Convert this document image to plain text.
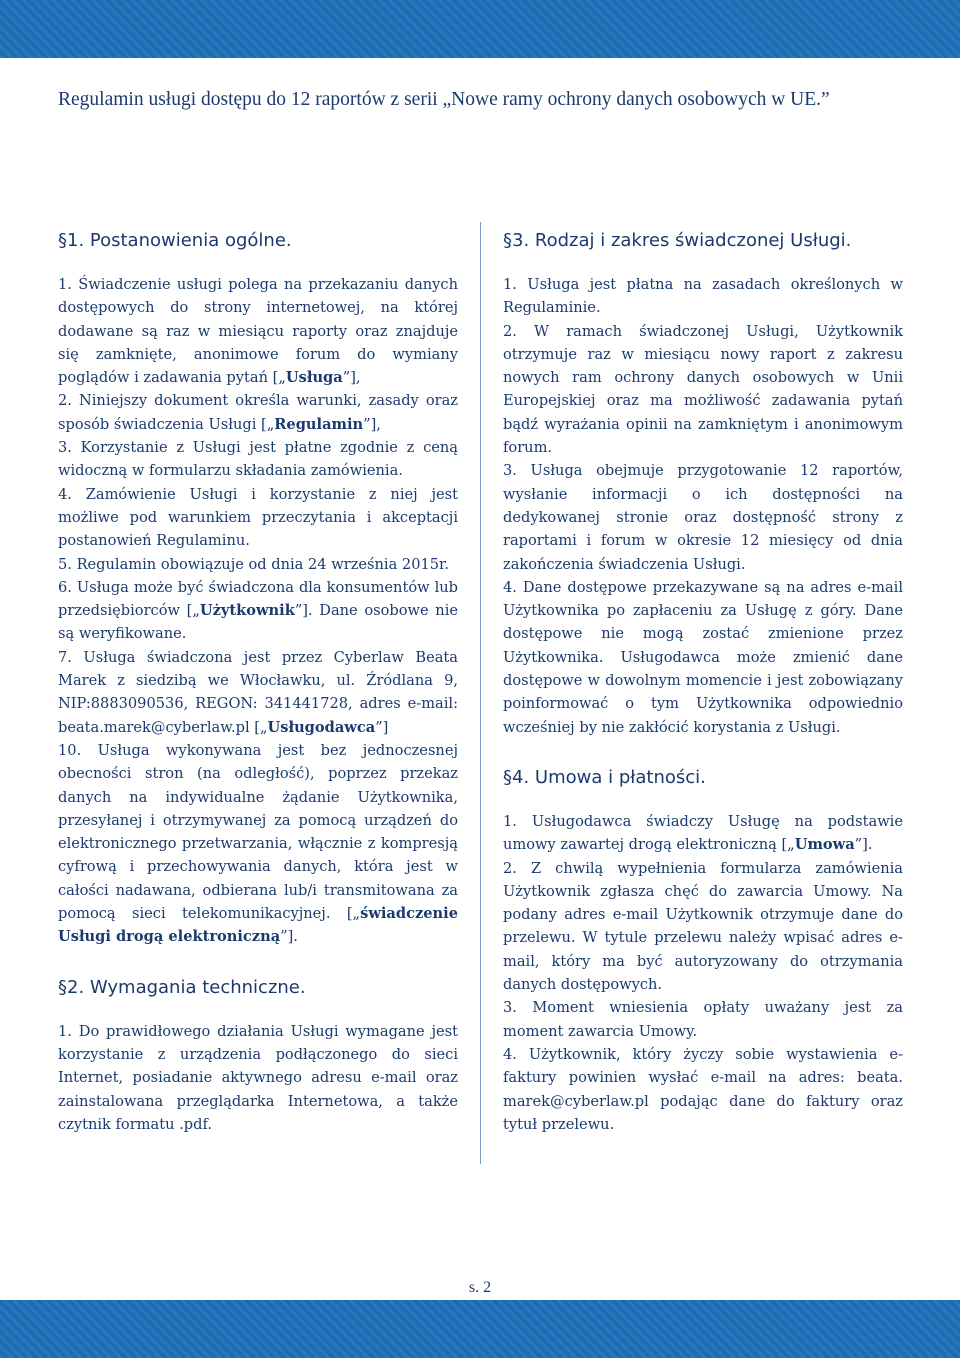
Regulamin usługi dostępu do 12 raportów z serii „Nowe ramy ochrony danych osobowych w UE.”
§1. Postanowienia ogólne.

1. Świadczenie usługi polega na przekazaniu danych dostępowych do strony internetowej, na której dodawane są raz w miesiącu raporty oraz znajduje się zamknięte, anonimowe forum do wymiany poglądów i zadawania pytań [„Usługa”],

2. Niniejszy dokument określa warunki, zasady oraz sposób świadczenia Usługi [„Regulamin”],

3. Korzystanie z Usługi jest płatne zgodnie z ceną widoczną w formularzu składania zamówienia.

4. Zamówienie Usługi i korzystanie z niej jest możliwe pod warunkiem przeczytania i akceptacji postanowień Regulaminu.

5. Regulamin obowiązuje od dnia 24 września 2015r.

6. Usługa może być świadczona dla konsumentów lub przedsiębiorców [„Użytkownik”]. Dane osobowe nie są weryfikowane.

7. Usługa świadczona jest przez Cyberlaw Beata Marek z siedzibą we Włocławku, ul. Źródlana 9, NIP:8883090536, REGON: 341441728, adres e-mail: beata.marek@cyberlaw.pl [„Usługodawca”]

10. Usługa wykonywana jest bez jednoczesnej obecności stron (na odległość), poprzez przekaz danych na indywidualne żądanie Użytkownika, przesyłanej i otrzymywanej za pomocą urządzeń do elektronicznego przetwarzania, włącznie z kompresją cyfrową i przechowywania danych, która jest w całości nadawana, odbierana lub/i transmitowana za pomocą sieci telekomunikacyjnej. [„świadczenie Usługi drogą elektroniczną”].

§2. Wymagania techniczne.

1. Do prawidłowego działania Usługi wymagane jest korzystanie z urządzenia podłączonego do sieci Internet, posiadanie aktywnego adresu e-mail oraz zainstalowana przeglądarka Internetowa, a także czytnik formatu .pdf.

§3. Rodzaj i zakres świadczonej Usługi.

1. Usługa jest płatna na zasadach określonych w Regulaminie.

2. W ramach świadczonej Usługi, Użytkownik otrzymuje raz w miesiącu nowy raport z zakresu nowych ram ochrony danych osobowych w Unii Europejskiej oraz ma możliwość zadawania pytań bądź wyrażania opinii na zamkniętym i anonimowym forum.

3. Usługa obejmuje przygotowanie 12 raportów, wysłanie informacji o ich dostępności na dedykowanej stronie oraz dostępność strony z raportami i forum w okresie 12 miesięcy od dnia zakończenia świadczenia Usługi.

4. Dane dostępowe przekazywane są na adres e-mail Użytkownika po zapłaceniu za Usługę z góry. Dane dostępowe nie mogą zostać zmienione przez Użytkownika. Usługodawca może zmienić dane dostępowe w dowolnym momencie i jest zobowiązany poinformować o tym Użytkownika odpowiednio wcześniej by nie zakłócić korystania z Usługi.

§4. Umowa i płatności.

1. Usługodawca świadczy Usługę na podstawie umowy zawartej drogą elektroniczną [„Umowa”].

2. Z chwilą wypełnienia formularza zamówienia Użytkownik zgłasza chęć do zawarcia Umowy. Na podany adres e-mail Użytkownik otrzymuje dane do przelewu. W tytule przelewu należy wpisać adres e-mail, który ma być autoryzowany do otrzymania danych dostępowych.

3. Moment wniesienia opłaty uważany jest za moment zawarcia Umowy.

4. Użytkownik, który życzy sobie wystawienia e-faktury powinien wysłać e-mail na adres: beata. marek@cyberlaw.pl podając dane do faktury oraz tytuł przelewu.

s. 2
